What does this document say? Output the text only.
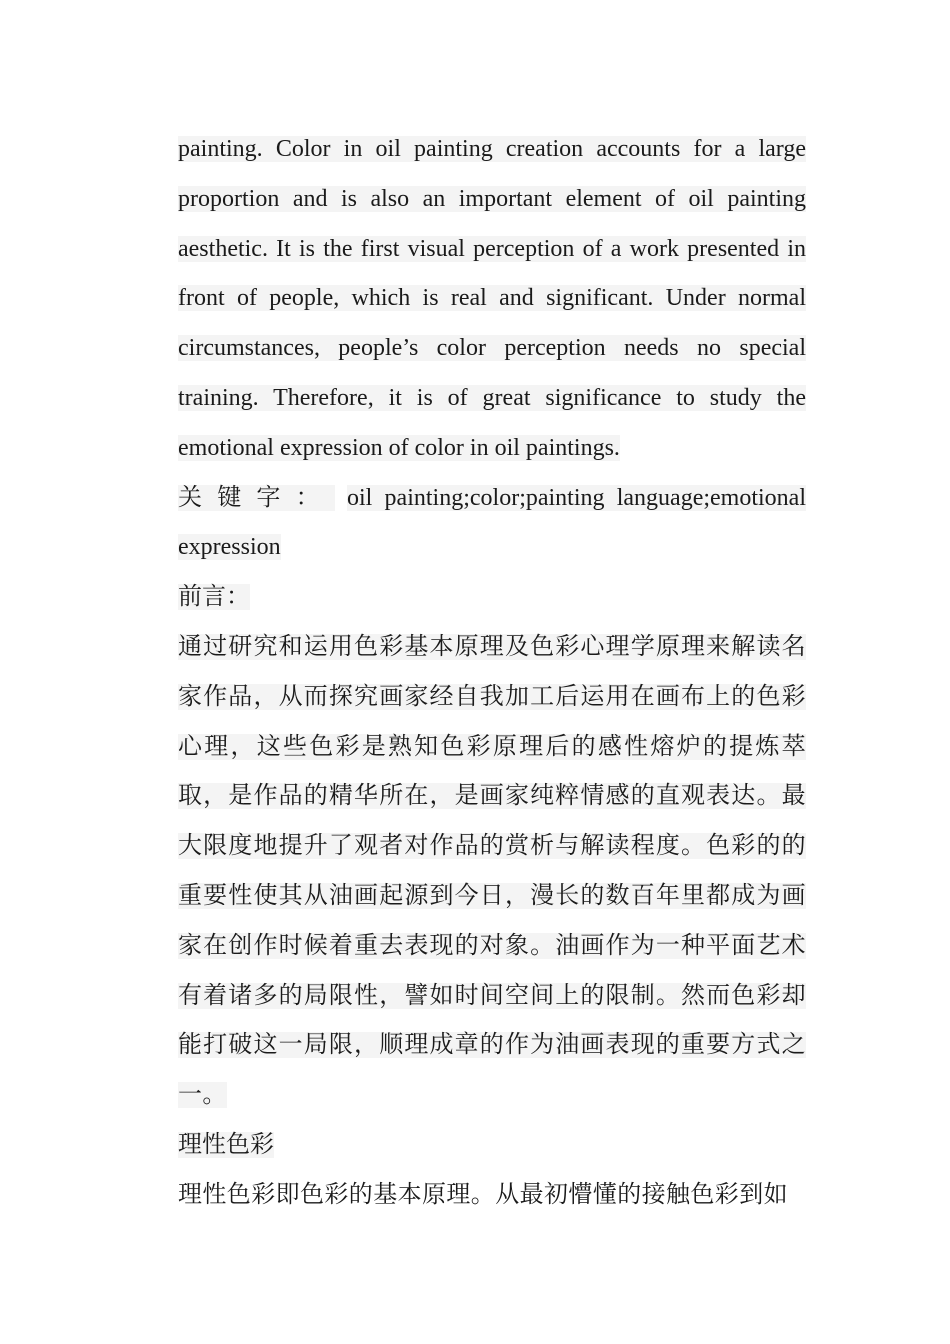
painting. Color in oil painting creation accounts for a large proportion and is also an important element of oil painting aesthetic. It is the first visual perception of a work presented in front of people, which is real and significant. Under normal circumstances, people’s color perception needs no special training. Therefore, it is of great significance to study the emotional expression of color in oil paintings.

关键字： oil painting;color;painting language;emotional expression

前言：

通过研究和运用色彩基本原理及色彩心理学原理来解读名家作品，从而探究画家经自我加工后运用在画布上的色彩心理，这些色彩是熟知色彩原理后的感性熔炉的提炼萃取，是作品的精华所在，是画家纯粹情感的直观表达。最大限度地提升了观者对作品的赏析与解读程度。色彩的的重要性使其从油画起源到今日，漫长的数百年里都成为画家在创作时候着重去表现的对象。油画作为一种平面艺术有着诸多的局限性，譬如时间空间上的限制。然而色彩却能打破这一局限，顺理成章的作为油画表现的重要方式之一。

理性色彩

理性色彩即色彩的基本原理。从最初懵懂的接触色彩到如
